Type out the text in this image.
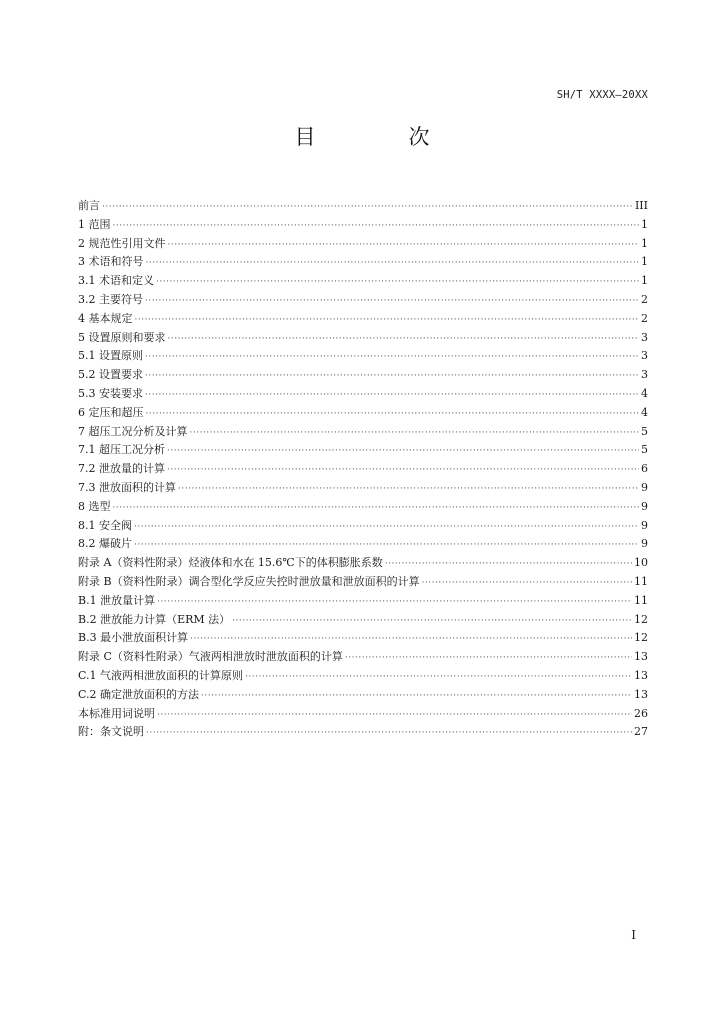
SH/T XXXX—20XX
目　次
前言 ·····	III
1 范围 ·····	1
2 规范性引用文件 ·····	1
3 术语和符号 ·····	1
3.1 术语和定义 ·····	1
3.2 主要符号 ·····	2
4 基本规定 ·····	2
5 设置原则和要求 ·····	3
5.1 设置原则 ·····	3
5.2 设置要求 ·····	3
5.3 安装要求 ·····	4
6 定压和超压 ·····	4
7 超压工况分析及计算 ·····	5
7.1 超压工况分析 ·····	5
7.2 泄放量的计算 ·····	6
7.3 泄放面积的计算 ·····	9
8 选型 ·····	9
8.1 安全阀 ·····	9
8.2 爆破片 ·····	9
附录 A（资料性附录）烃液体和水在 15.6℃下的体积膨胀系数 ·····	10
附录 B（资料性附录）调合型化学反应失控时泄放量和泄放面积的计算 ·····	11
B.1 泄放量计算 ·····	11
B.2 泄放能力计算（ERM 法） ·····	12
B.3 最小泄放面积计算 ·····	12
附录 C（资料性附录）气液两相泄放时泄放面积的计算 ·····	13
C.1 气液两相泄放面积的计算原则 ·····	13
C.2 确定泄放面积的方法 ·····	13
本标准用词说明 ·····	26
附：条文说明 ·····	27
I
